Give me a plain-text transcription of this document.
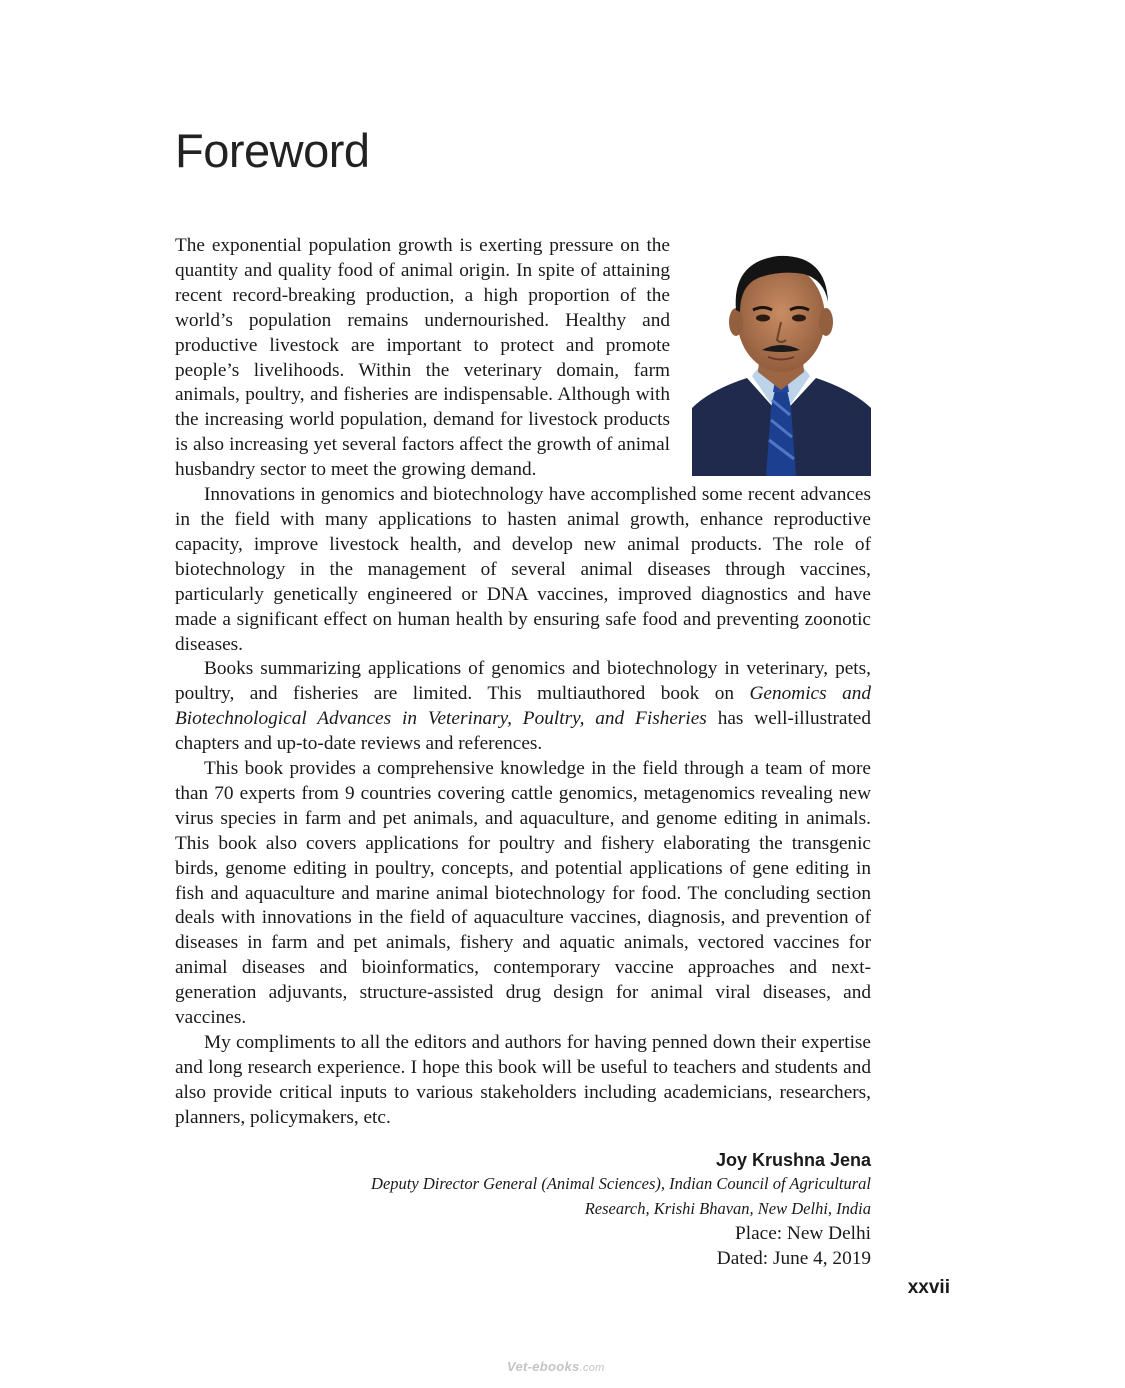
Foreword

The exponential population growth is exerting pressure on the quantity and quality food of animal origin. In spite of attaining recent record-breaking production, a high proportion of the world’s population remains undernourished. Healthy and productive livestock are important to protect and promote people’s livelihoods. Within the veterinary domain, farm animals, poultry, and fisheries are indispensable. Although with the increasing world population, demand for livestock products is also increasing yet several factors affect the growth of animal husbandry sector to meet the growing demand.

Innovations in genomics and biotechnology have accomplished some recent advances in the field with many applications to hasten animal growth, enhance reproductive capacity, improve livestock health, and develop new animal products. The role of biotechnology in the management of several animal diseases through vaccines, particularly genetically engineered or DNA vaccines, improved diagnostics and have made a significant effect on human health by ensuring safe food and preventing zoonotic diseases.

Books summarizing applications of genomics and biotechnology in veterinary, pets, poultry, and fisheries are limited. This multiauthored book on Genomics and Biotechnological Advances in Veterinary, Poultry, and Fisheries has well-illustrated chapters and up-to-date reviews and references.

This book provides a comprehensive knowledge in the field through a team of more than 70 experts from 9 countries covering cattle genomics, metagenomics revealing new virus species in farm and pet animals, and aquaculture, and genome editing in animals. This book also covers applications for poultry and fishery elaborating the transgenic birds, genome editing in poultry, concepts, and potential applications of gene editing in fish and aquaculture and marine animal biotechnology for food. The concluding section deals with innovations in the field of aquaculture vaccines, diagnosis, and prevention of diseases in farm and pet animals, fishery and aquatic animals, vectored vaccines for animal diseases and bioinformatics, contemporary vaccine approaches and next-generation adjuvants, structure-assisted drug design for animal viral diseases, and vaccines.

My compliments to all the editors and authors for having penned down their expertise and long research experience. I hope this book will be useful to teachers and students and also provide critical inputs to various stakeholders including academicians, researchers, planners, policymakers, etc.

Joy Krushna Jena
Deputy Director General (Animal Sciences), Indian Council of Agricultural
Research, Krishi Bhavan, New Delhi, India
Place: New Delhi
Dated: June 4, 2019
xxvii
Vet-ebooks.com
